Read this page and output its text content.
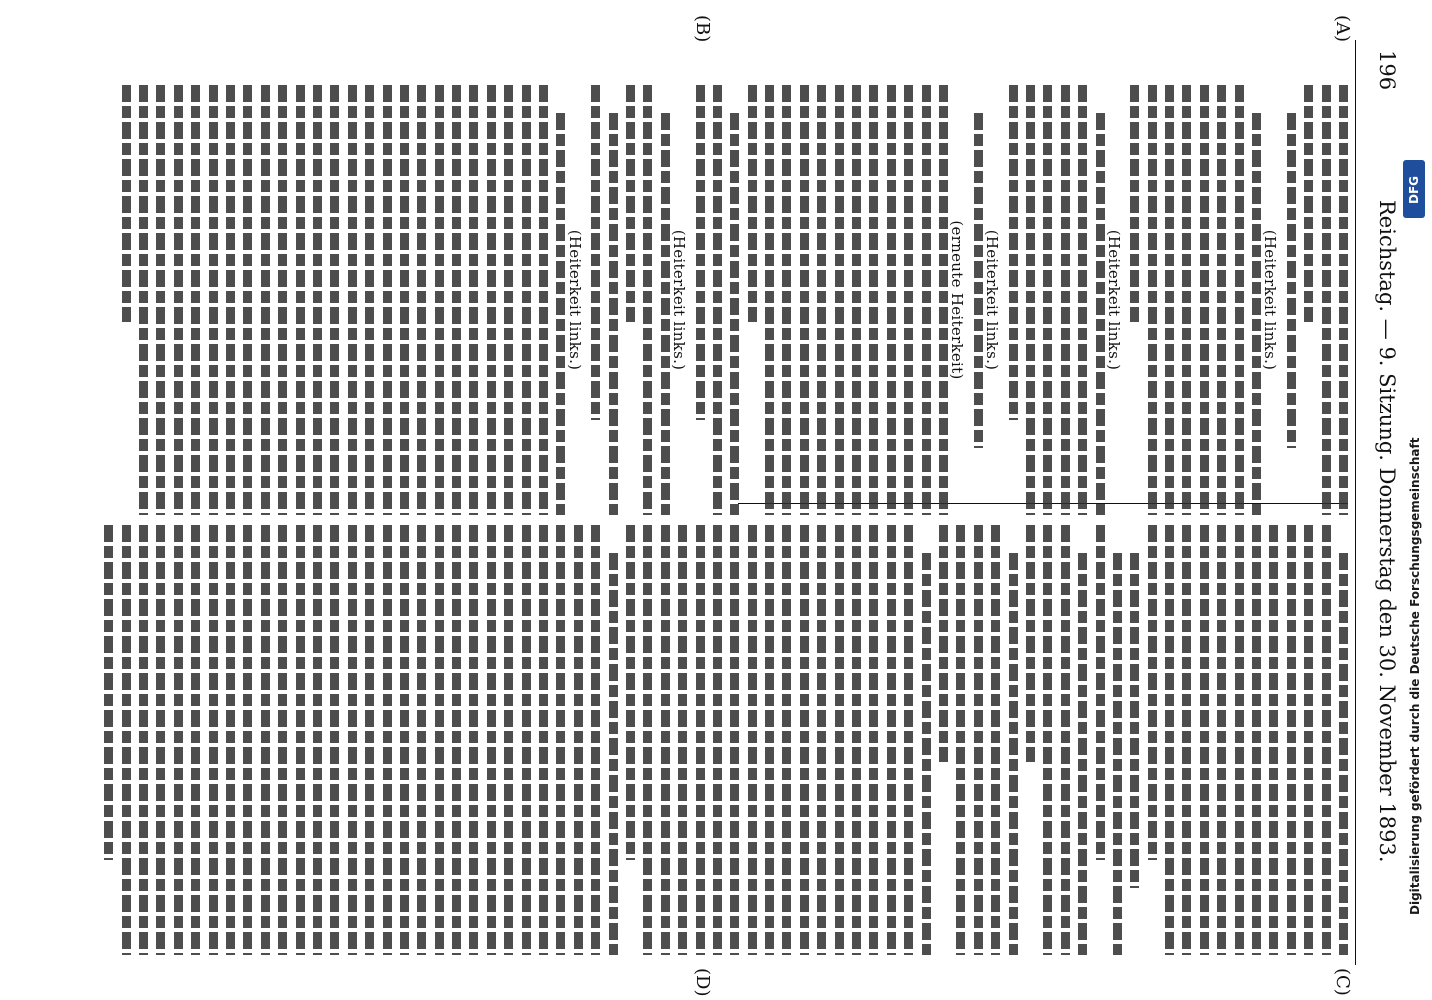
196
Reichstag. — 9. Sitzung. Donnerstag den 30. November 1893.
(A)
(B)
(C)
(D)
(Heiterkeit links.)
(Heiterkeit links.)
(Heiterkeit links.)
(erneute Heiterkeit)
(Heiterkeit links.)
(Heiterkeit links.)
Digitalisierung gefördert durch die Deutsche Forschungsgemeinschaft
DFG
